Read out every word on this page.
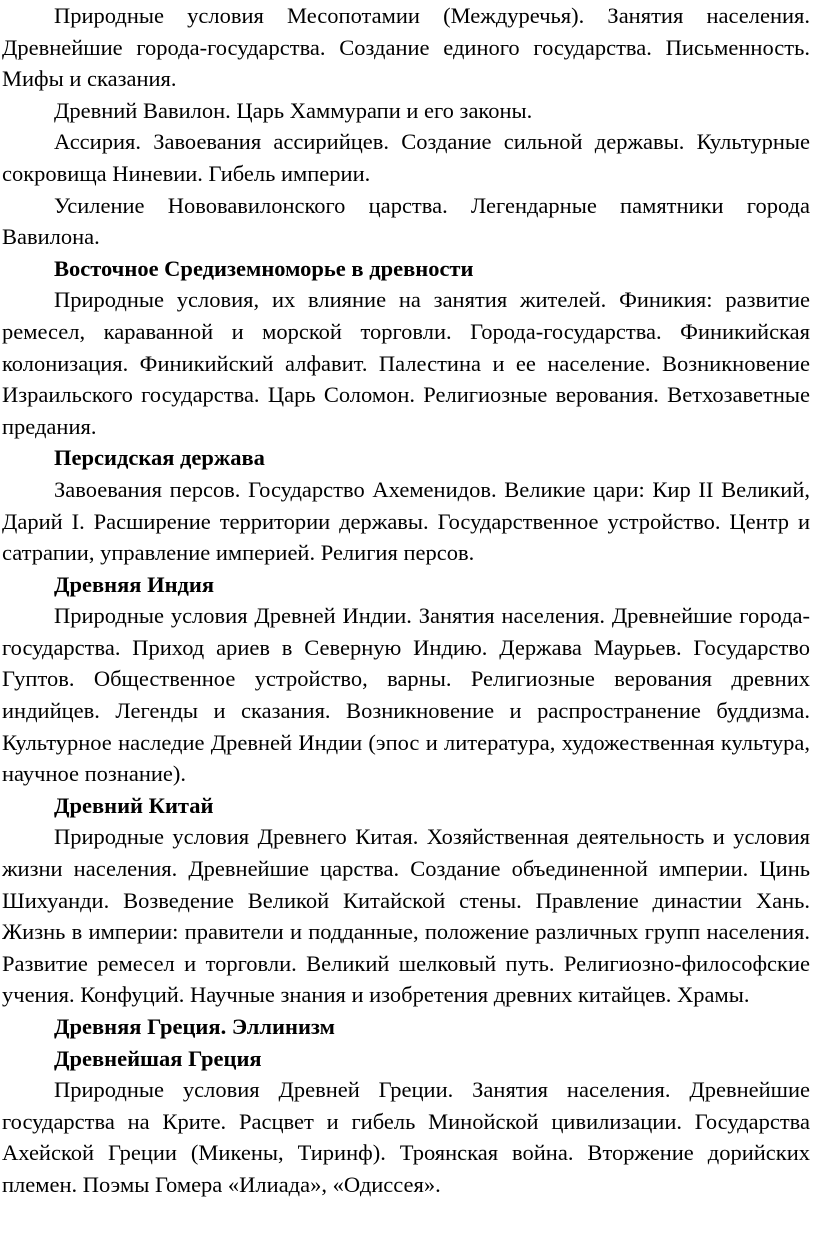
Природные условия Месопотамии (Междуречья). Занятия населения. Древнейшие города-государства. Создание единого государства. Письменность. Мифы и сказания.

Древний Вавилон. Царь Хаммурапи и его законы.

Ассирия. Завоевания ассирийцев. Создание сильной державы. Культурные сокровища Ниневии. Гибель империи.

Усиление Нововавилонского царства. Легендарные памятники города Вавилона.

Восточное Средиземноморье в древности

Природные условия, их влияние на занятия жителей. Финикия: развитие ремесел, караванной и морской торговли. Города-государства. Финикийская колонизация. Финикийский алфавит. Палестина и ее население. Возникновение Израильского государства. Царь Соломон. Религиозные верования. Ветхозаветные предания.

Персидская держава

Завоевания персов. Государство Ахеменидов. Великие цари: Кир II Великий, Дарий I. Расширение территории державы. Государственное устройство. Центр и сатрапии, управление империей. Религия персов.

Древняя Индия

Природные условия Древней Индии. Занятия населения. Древнейшие города-государства. Приход ариев в Северную Индию. Держава Маурьев. Государство Гуптов. Общественное устройство, варны. Религиозные верования древних индийцев. Легенды и сказания. Возникновение и распространение буддизма. Культурное наследие Древней Индии (эпос и литература, художественная культура, научное познание).

Древний Китай

Природные условия Древнего Китая. Хозяйственная деятельность и условия жизни населения. Древнейшие царства. Создание объединенной империи. Цинь Шихуанди. Возведение Великой Китайской стены. Правление династии Хань. Жизнь в империи: правители и подданные, положение различных групп населения. Развитие ремесел и торговли. Великий шелковый путь. Религиозно-философские учения. Конфуций. Научные знания и изобретения древних китайцев. Храмы.

Древняя Греция. Эллинизм
Древнейшая Греция

Природные условия Древней Греции. Занятия населения. Древнейшие государства на Крите. Расцвет и гибель Минойской цивилизации. Государства Ахейской Греции (Микены, Тиринф). Троянская война. Вторжение дорийских племен. Поэмы Гомера «Илиада», «Одиссея».
